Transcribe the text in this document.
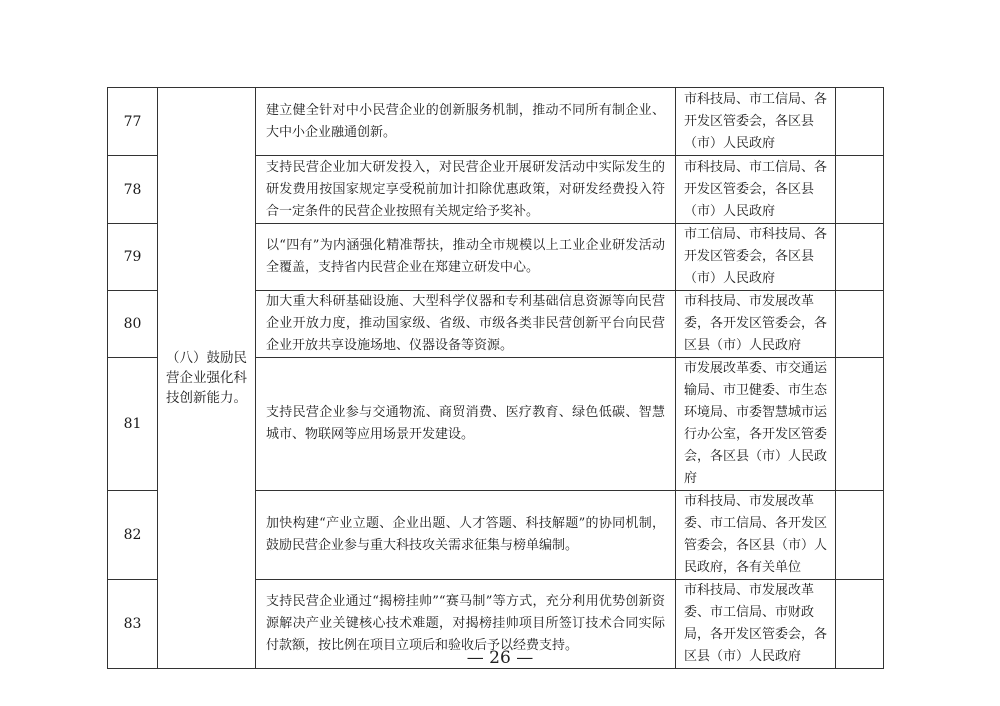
77	（八）鼓励民营企业强化科技创新能力。	建立健全针对中小民营企业的创新服务机制，推动不同所有制企业、大中小企业融通创新。	市科技局、市工信局、各开发区管委会，各区县（市）人民政府	
78		支持民营企业加大研发投入，对民营企业开展研发活动中实际发生的研发费用按国家规定享受税前加计扣除优惠政策，对研发经费投入符合一定条件的民营企业按照有关规定给予奖补。	市科技局、市工信局、各开发区管委会，各区县（市）人民政府	
79		以“四有”为内涵强化精准帮扶，推动全市规模以上工业企业研发活动全覆盖，支持省内民营企业在郑建立研发中心。	市工信局、市科技局、各开发区管委会，各区县（市）人民政府	
80		加大重大科研基础设施、大型科学仪器和专利基础信息资源等向民营企业开放力度，推动国家级、省级、市级各类非民营创新平台向民营企业开放共享设施场地、仪器设备等资源。	市科技局、市发展改革委，各开发区管委会，各区县（市）人民政府	
81		支持民营企业参与交通物流、商贸消费、医疗教育、绿色低碳、智慧城市、物联网等应用场景开发建设。	市发展改革委、市交通运输局、市卫健委、市生态环境局、市委智慧城市运行办公室，各开发区管委会，各区县（市）人民政府	
82		加快构建“产业立题、企业出题、人才答题、科技解题”的协同机制，鼓励民营企业参与重大科技攻关需求征集与榜单编制。	市科技局、市发展改革委、市工信局、各开发区管委会，各区县（市）人民政府，各有关单位	
83		支持民营企业通过“揭榜挂帅”“赛马制”等方式，充分利用优势创新资源解决产业关键核心技术难题，对揭榜挂帅项目所签订技术合同实际付款额，按比例在项目立项后和验收后予以经费支持。	市科技局、市发展改革委、市工信局、市财政局，各开发区管委会，各区县（市）人民政府	
— 26 —
